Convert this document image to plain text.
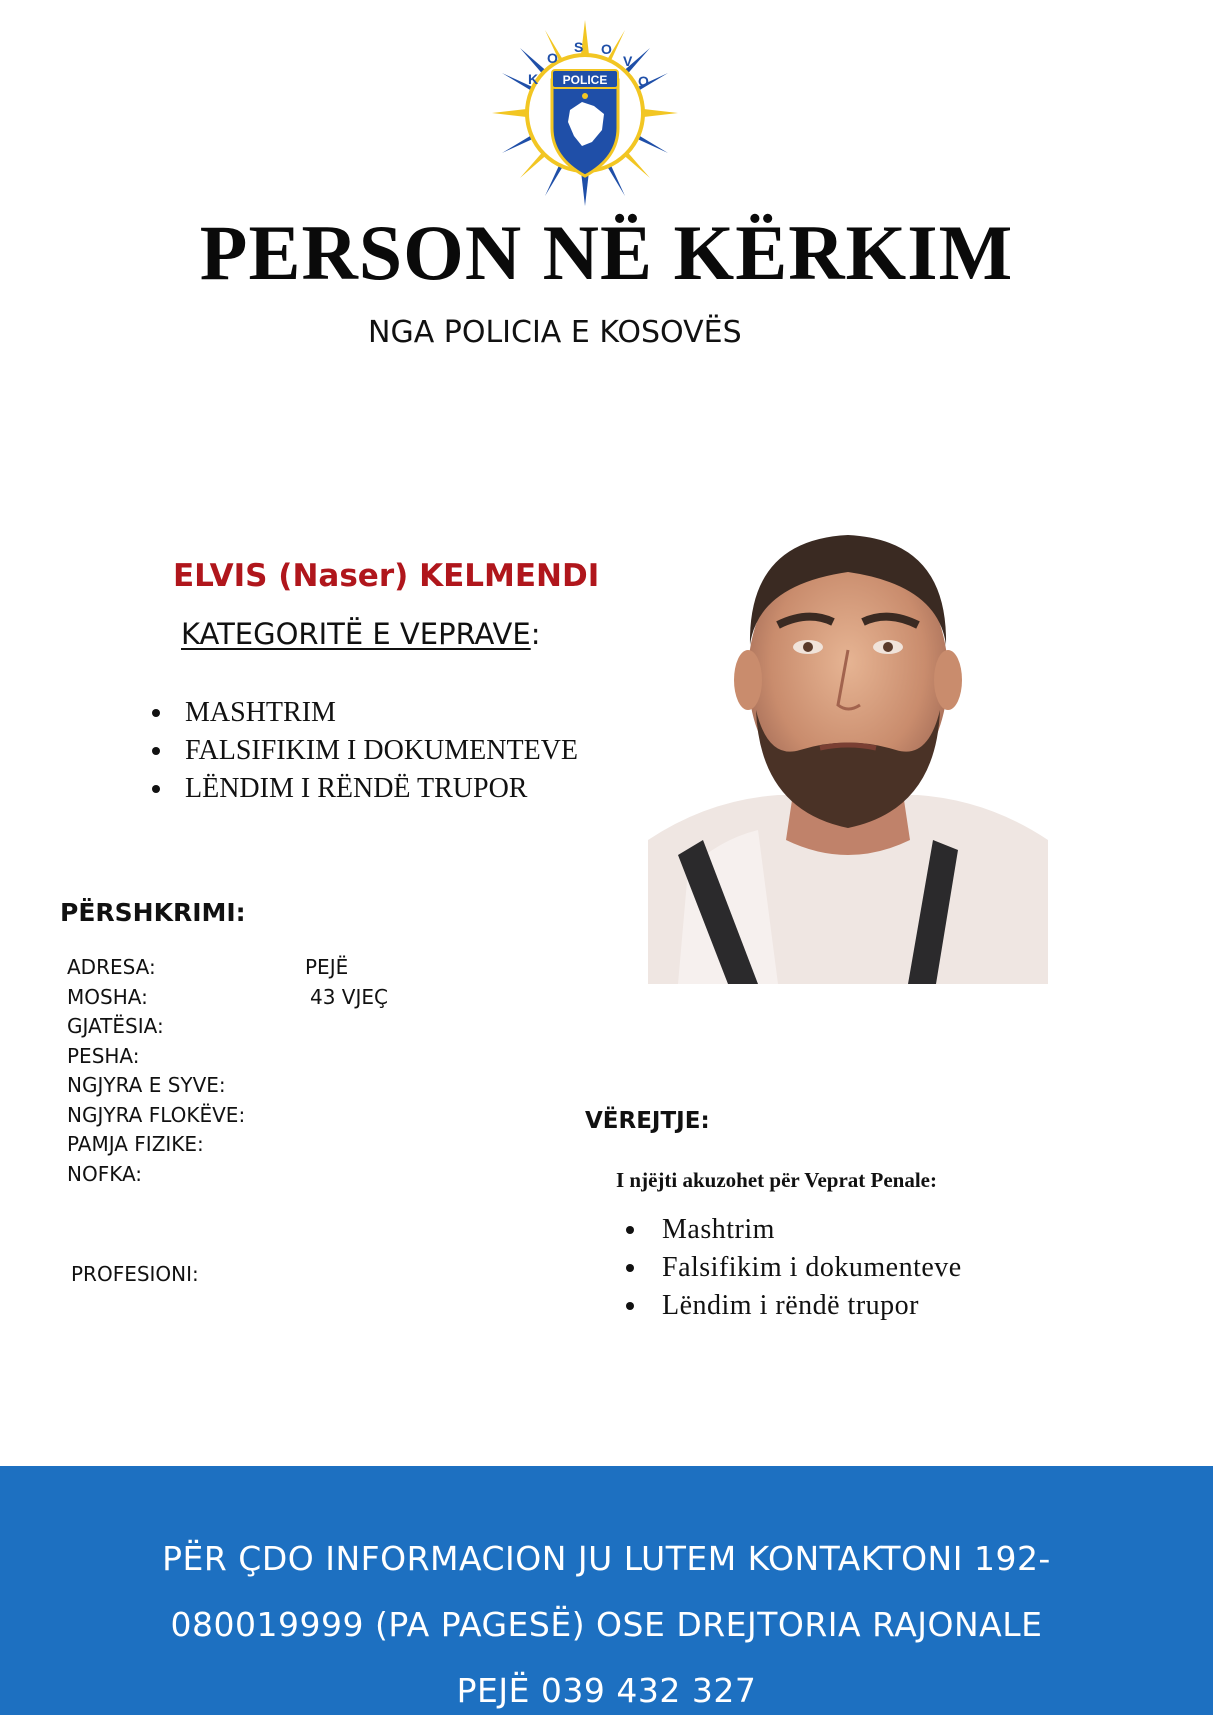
POLICE
K
O
S O
V
O
PERSON NË KËRKIM
NGA POLICIA E KOSOVËS
ELVIS (Naser) KELMENDI
KATEGORITË E VEPRAVE:
MASHTRIM
FALSIFIKIM I DOKUMENTEVE
LËNDIM I RËNDË TRUPOR
PËRSHKRIMI:
ADRESA:	PEJË
MOSHA:	43 VJEÇ
GJATËSIA:
PESHA:
NGJYRA E SYVE:
NGJYRA FLOKËVE:
PAMJA FIZIKE:
NOFKA:
PROFESIONI:
VËREJTJE:
I njëjti akuzohet për Veprat Penale:
Mashtrim
Falsifikim i dokumenteve
Lëndim i rëndë trupor
PËR ÇDO INFORMACION JU LUTEM KONTAKTONI 192-
080019999 (PA PAGESË) OSE DREJTORIA RAJONALE
PEJË 039 432 327
